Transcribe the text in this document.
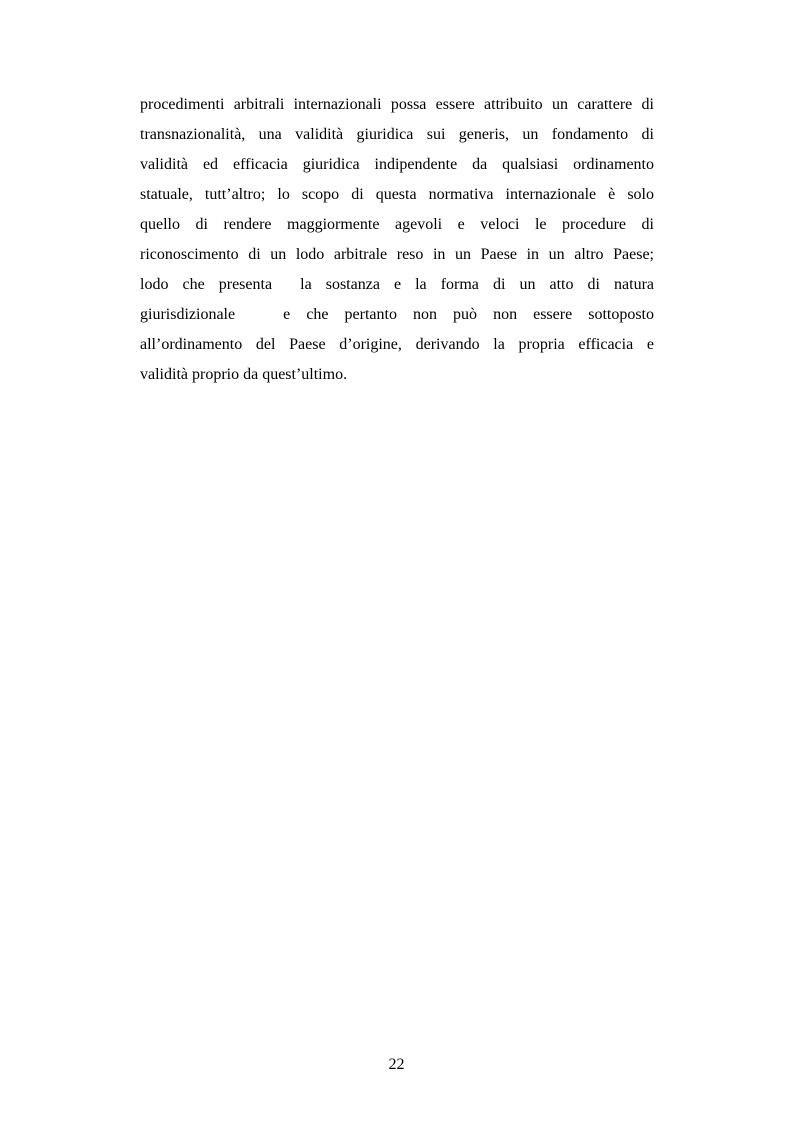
procedimenti arbitrali internazionali possa essere attribuito un carattere di
transnazionalità, una validità giuridica sui generis, un fondamento di
validità ed efficacia giuridica indipendente da qualsiasi ordinamento
statuale, tutt’altro; lo scopo di questa normativa internazionale è solo
quello di rendere maggiormente agevoli e veloci le procedure di
riconoscimento di un lodo arbitrale reso in un Paese in un altro Paese;
lodo che presenta  la sostanza e la forma di un atto di natura
giurisdizionale   e che pertanto non può non essere sottoposto
all’ordinamento del Paese d’origine, derivando la propria efficacia e
validità proprio da quest’ultimo.
22
